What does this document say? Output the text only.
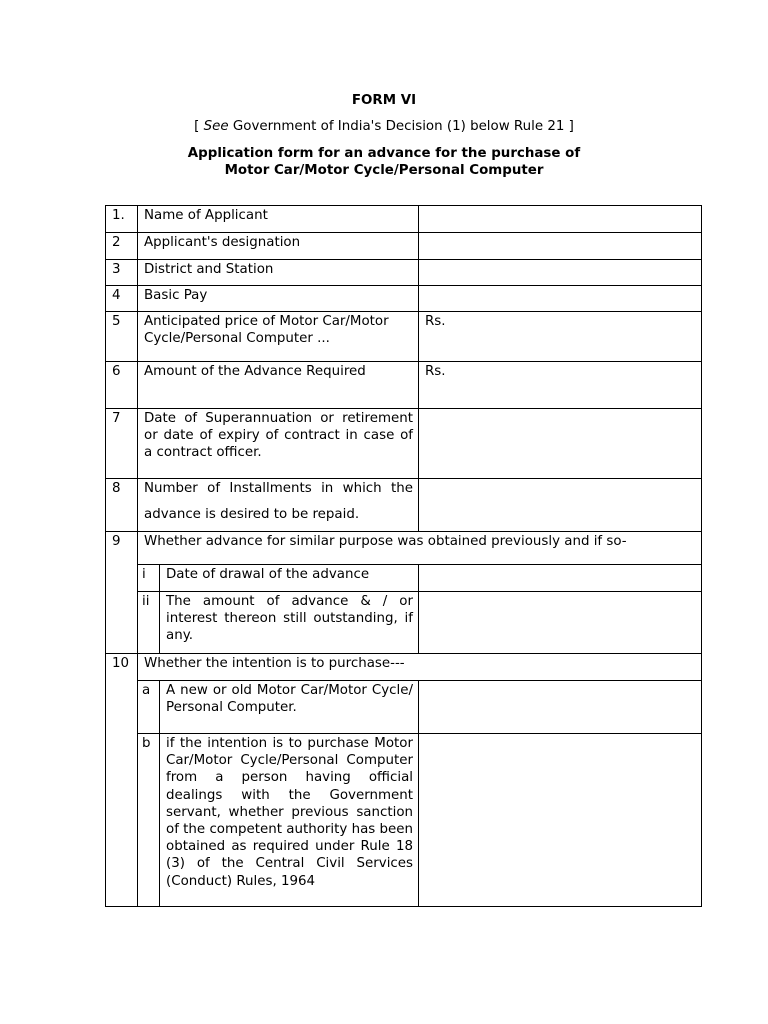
FORM VI
[ See Government of India's Decision (1) below Rule 21 ]
Application form for an advance for the purchase of
Motor Car/Motor Cycle/Personal Computer
1.	Name of Applicant		
2	Applicant's designation		
3	District and Station		
4	Basic Pay		
5	Anticipated price of Motor Car/Motor Cycle/Personal Computer ...		Rs.
6	Amount of the Advance Required		Rs.
7	Date of Superannuation or retirement or date of expiry of contract in case of a contract officer.		
8	Number of Installments in which the
advance is desired to be repaid.		

9	Whether advance for similar purpose was obtained previously and if so-		
	i	Date of drawal of the advance	
	ii	The amount of advance & / or interest thereon still outstanding, if any.	
10	Whether the intention is to purchase---		
	a	A new or old Motor Car/Motor Cycle/ Personal Computer.	
	b	if the intention is to purchase Motor Car/Motor Cycle/Personal Computer from a person having official dealings with the Government servant, whether previous sanction of the competent authority has been obtained as required under Rule 18 (3) of the Central Civil Services (Conduct) Rules, 1964	
